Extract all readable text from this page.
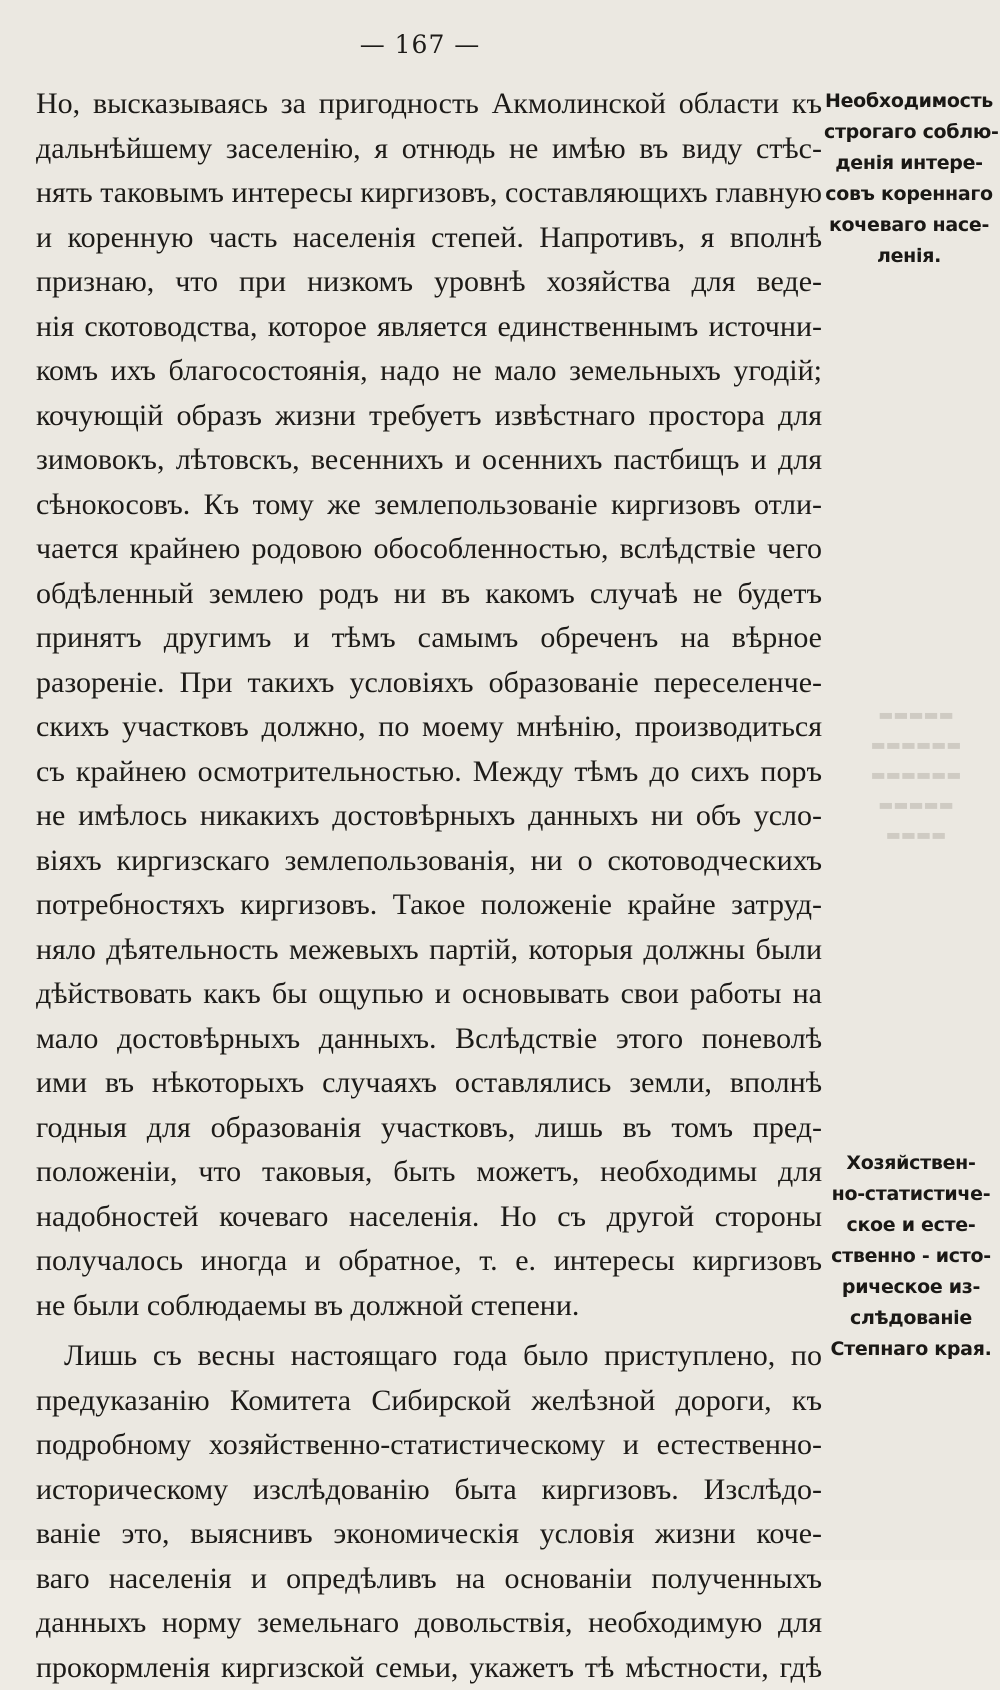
— 167 —
Но, высказываясь за пригодность Акмолинской области къ
дальнѣйшему заселенію, я отнюдь не имѣю въ виду стѣс-
нять таковымъ интересы киргизовъ, составляющихъ главную
и коренную часть населенія степей. Напротивъ, я вполнѣ
признаю, что при низкомъ уровнѣ хозяйства для веде-
нія скотоводства, которое является единственнымъ источни-
комъ ихъ благосостоянія, надо не мало земельныхъ угодій;
кочующій образъ жизни требуетъ извѣстнаго простора для
зимовокъ, лѣтовскъ, весеннихъ и осеннихъ пастбищъ и для
сѣнокосовъ. Къ тому же землепользованіе киргизовъ отли-
чается крайнею родовою обособленностью, вслѣдствіе чего
обдѣленный землею родъ ни въ какомъ случаѣ не будетъ
принятъ другимъ и тѣмъ самымъ обреченъ на вѣрное
разореніе. При такихъ условіяхъ образованіе переселенче-
скихъ участковъ должно, по моему мнѣнію, производиться
съ крайнею осмотрительностью. Между тѣмъ до сихъ поръ
не имѣлось никакихъ достовѣрныхъ данныхъ ни объ усло-
віяхъ киргизскаго землепользованія, ни о скотоводческихъ
потребностяхъ киргизовъ. Такое положеніе крайне затруд-
няло дѣятельность межевыхъ партій, которыя должны были
дѣйствовать какъ бы ощупью и основывать свои работы на
мало достовѣрныхъ данныхъ. Вслѣдствіе этого поневолѣ
ими въ нѣкоторыхъ случаяхъ оставлялись земли, вполнѣ
годныя для образованія участковъ, лишь въ томъ пред-
положеніи, что таковыя, быть можетъ, необходимы для
надобностей кочеваго населенія. Но съ другой стороны
получалось иногда и обратное, т. е. интересы киргизовъ
не были соблюдаемы въ должной степени.
Лишь съ весны настоящаго года было приступлено, по
предуказанію Комитета Сибирской желѣзной дороги, къ
подробному хозяйственно-статистическому и естественно-
историческому изслѣдованію быта киргизовъ. Изслѣдо-
ваніе это, выяснивъ экономическія условія жизни коче-
ваго населенія и опредѣливъ на основаніи полученныхъ
данныхъ норму земельнаго довольствія, необходимую для
прокормленія киргизской семьи, укажетъ тѣ мѣстности, гдѣ
Необходимость
строгаго соблю-
денія интере-
совъ кореннаго
кочеваго насе-
ленія.
▬▬▬▬▬
▬▬▬▬▬▬
▬▬▬▬▬▬
▬▬▬▬▬
▬▬▬▬
Хозяйствен-
но-статистиче-
ское и есте-
ственно - исто-
рическое из-
слѣдованіе
Степнаго края.
